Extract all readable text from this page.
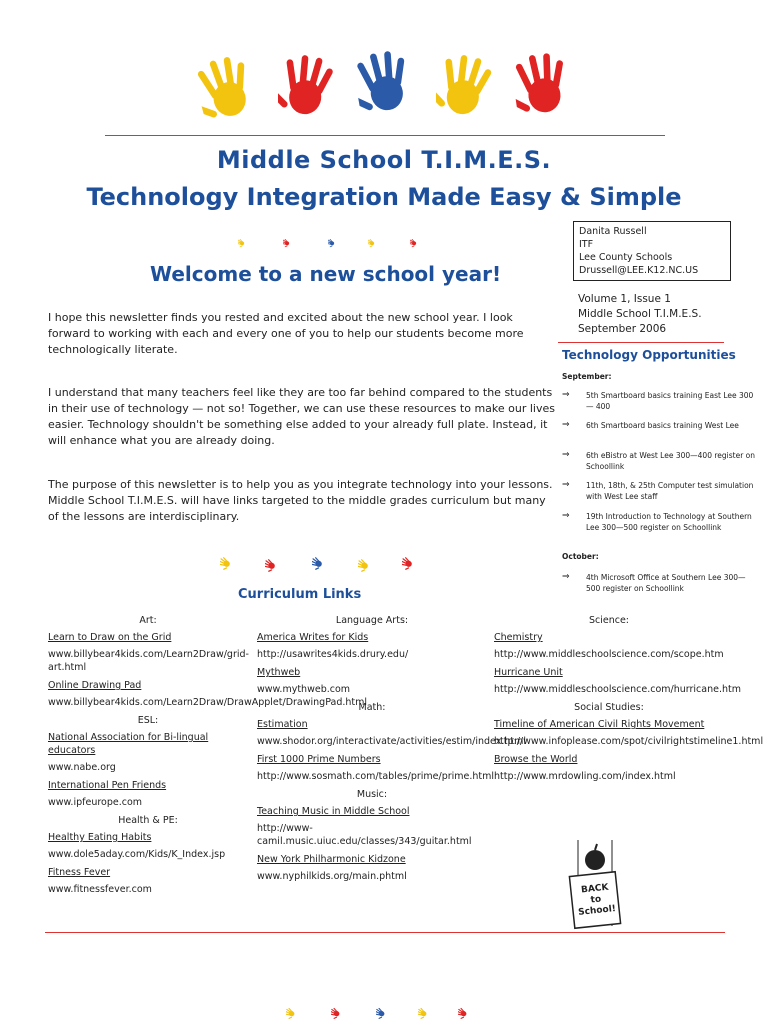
Middle School T.I.M.E.S.
Technology Integration Made Easy & Simple
Welcome to a new school year!
I hope this newsletter finds you rested and excited about the new school year. I look forward to working with each and every one of you to help our students become more technologically literate.
I understand that many teachers feel like they are too far behind compared to the students in their use of technology — not so! Together, we can use these resources to make our lives easier. Technology shouldn't be something else added to your already full plate. Instead, it will enhance what you are already doing.
The purpose of this newsletter is to help you as you integrate technology into your lessons. Middle School T.I.M.E.S. will have links targeted to the middle grades curriculum but many of the lessons are interdisciplinary.
Danita Russell
ITF
Lee County Schools
Drussell@LEE.K12.NC.US
Volume 1, Issue 1
Middle School T.I.M.E.S.
September 2006
Technology Opportunities
September:
⇒ 5th Smartboard basics training East Lee 300 — 400
⇒ 6th Smartboard basics training West Lee
⇒ 6th eBistro at West Lee 300—400 register on Schoollink
⇒ 11th, 18th, & 25th Computer test simulation with West Lee staff
⇒ 19th Introduction to Technology at Southern Lee 300—500 register on Schoollink
October:
⇒ 4th Microsoft Office at Southern Lee 300—500 register on Schoollink
Curriculum Links
Art:
Learn to Draw on the Grid
www.billybear4kids.com/Learn2Draw/grid-art.html
Online Drawing Pad
www.billybear4kids.com/Learn2Draw/DrawApplet/DrawingPad.html
ESL:
National Association for Bi-lingual educators
www.nabe.org
International Pen Friends
www.ipfeurope.com
Health & PE:
Healthy Eating Habits
www.dole5aday.com/Kids/K_Index.jsp
Fitness Fever
www.fitnessfever.com
Language Arts:
America Writes for Kids
http://usawrites4kids.drury.edu/
Mythweb
www.mythweb.com
Math:
Estimation
www.shodor.org/interactivate/activities/estim/index.html
First 1000 Prime Numbers
http://www.sosmath.com/tables/prime/prime.html
Music:
Teaching Music in Middle School
http://www-camil.music.uiuc.edu/classes/343/guitar.html
New York Philharmonic Kidzone
www.nyphilkids.org/main.phtml
Science:
Chemistry
http://www.middleschoolscience.com/scope.htm
Hurricane Unit
http://www.middleschoolscience.com/hurricane.htm
Social Studies:
Timeline of American Civil Rights Movement
http://www.infoplease.com/spot/civilrightstimeline1.html
Browse the World
http://www.mrdowling.com/index.html
BACK to School!
